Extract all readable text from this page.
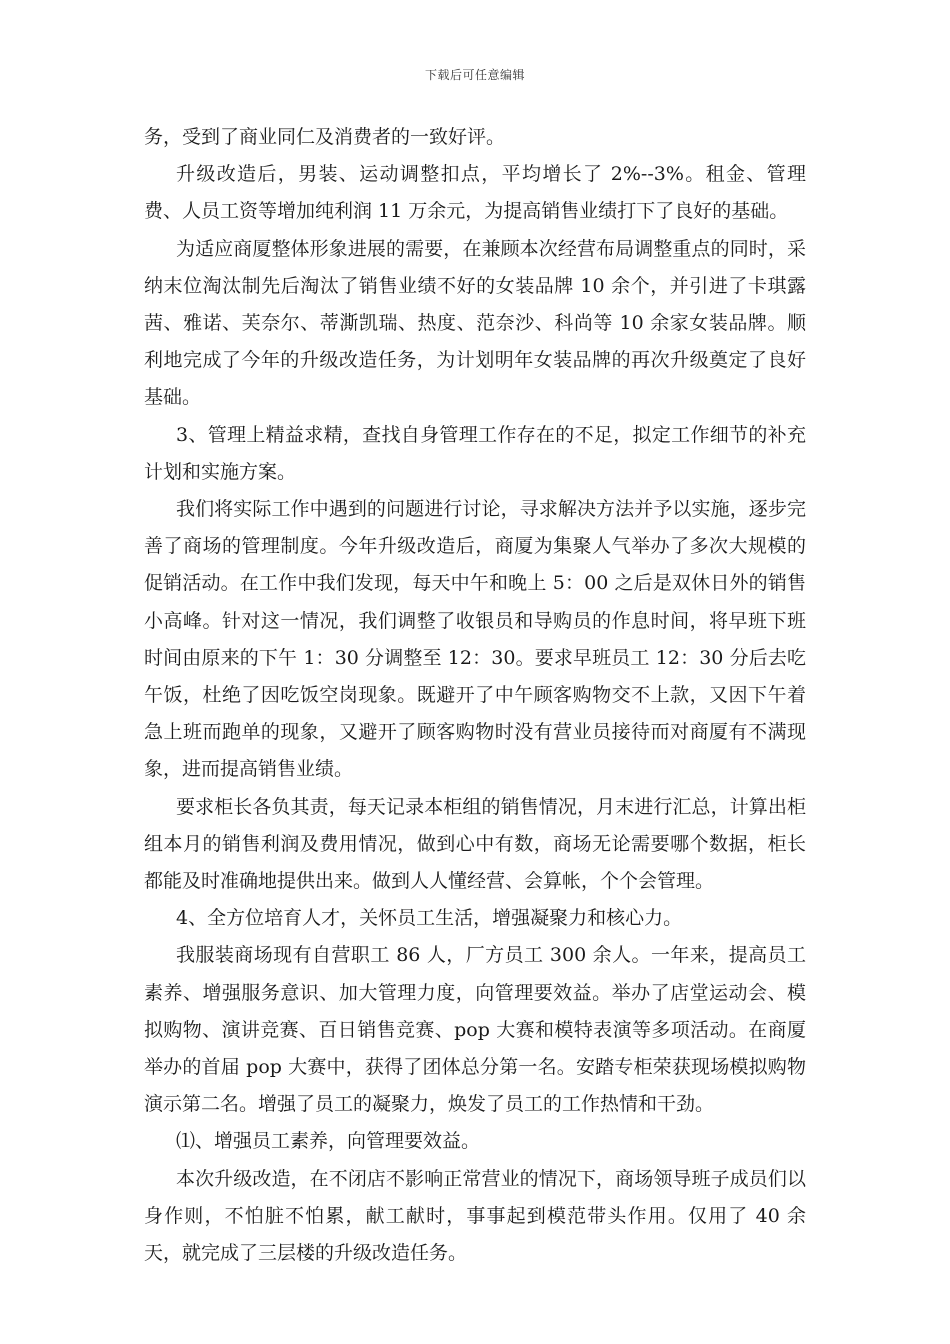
下载后可任意编辑

务，受到了商业同仁及消费者的一致好评。

升级改造后，男装、运动调整扣点，平均增长了 2%--3%。租金、管理费、人员工资等增加纯利润 11 万余元，为提高销售业绩打下了良好的基础。

为适应商厦整体形象进展的需要，在兼顾本次经营布局调整重点的同时，采纳末位淘汰制先后淘汰了销售业绩不好的女装品牌 10 余个，并引进了卡琪露茜、雅诺、芙奈尔、蒂澌凯瑞、热度、范奈沙、科尚等 10 余家女装品牌。顺利地完成了今年的升级改造任务，为计划明年女装品牌的再次升级奠定了良好基础。

3、管理上精益求精，查找自身管理工作存在的不足，拟定工作细节的补充计划和实施方案。

我们将实际工作中遇到的问题进行讨论，寻求解决方法并予以实施，逐步完善了商场的管理制度。今年升级改造后，商厦为集聚人气举办了多次大规模的促销活动。在工作中我们发现，每天中午和晚上 5：00 之后是双休日外的销售小高峰。针对这一情况，我们调整了收银员和导购员的作息时间，将早班下班时间由原来的下午 1：30 分调整至 12：30。要求早班员工 12：30 分后去吃午饭，杜绝了因吃饭空岗现象。既避开了中午顾客购物交不上款，又因下午着急上班而跑单的现象，又避开了顾客购物时没有营业员接待而对商厦有不满现象，进而提高销售业绩。

要求柜长各负其责，每天记录本柜组的销售情况，月末进行汇总，计算出柜组本月的销售利润及费用情况，做到心中有数，商场无论需要哪个数据，柜长都能及时准确地提供出来。做到人人懂经营、会算帐，个个会管理。

4、全方位培育人才，关怀员工生活，增强凝聚力和核心力。

我服装商场现有自营职工 86 人，厂方员工 300 余人。一年来，提高员工素养、增强服务意识、加大管理力度，向管理要效益。举办了店堂运动会、模拟购物、演讲竞赛、百日销售竞赛、pop 大赛和模特表演等多项活动。在商厦举办的首届 pop 大赛中，获得了团体总分第一名。安踏专柜荣获现场模拟购物演示第二名。增强了员工的凝聚力，焕发了员工的工作热情和干劲。

⑴、增强员工素养，向管理要效益。

本次升级改造，在不闭店不影响正常营业的情况下，商场领导班子成员们以身作则，不怕脏不怕累，献工献时，事事起到模范带头作用。仅用了 40 余天，就完成了三层楼的升级改造任务。
